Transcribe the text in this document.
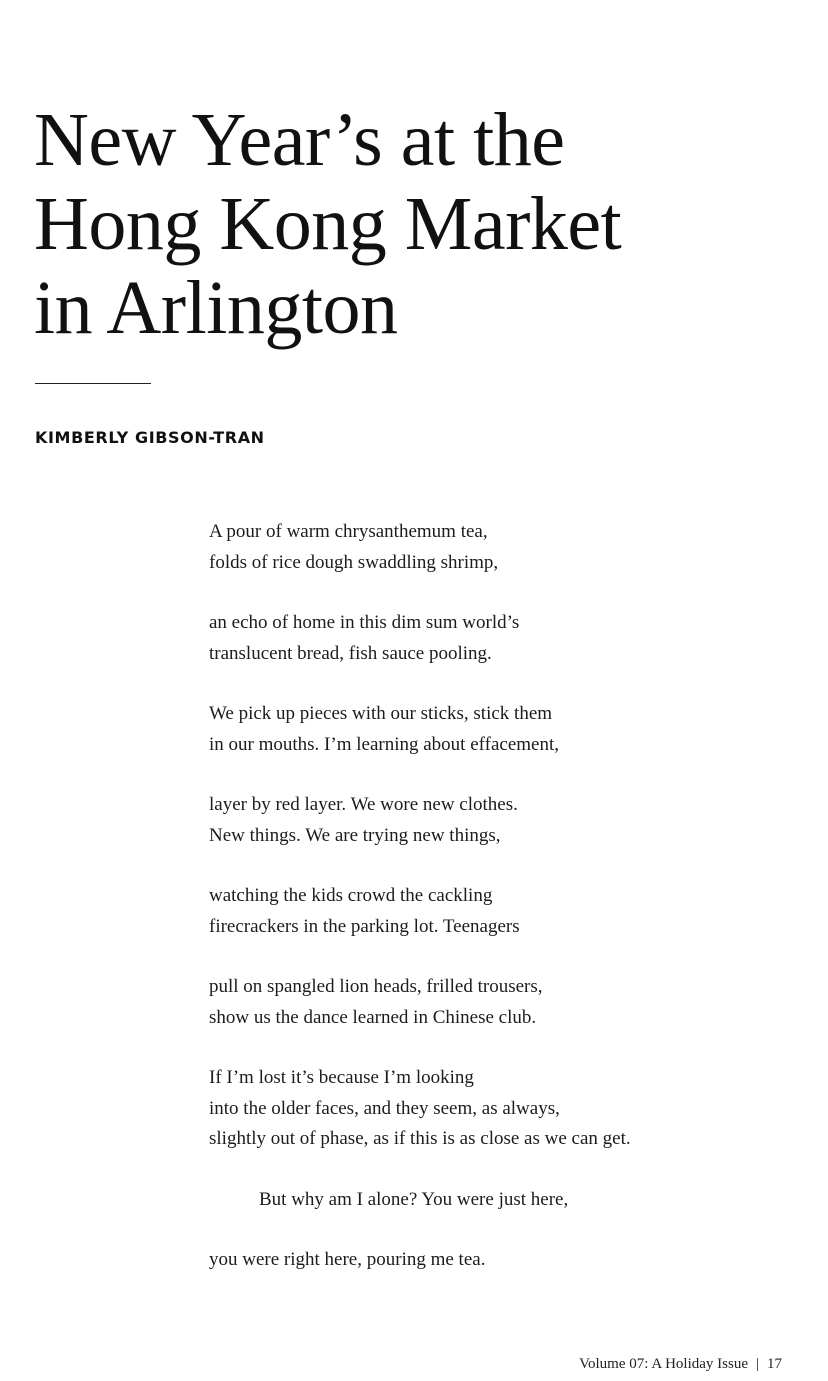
New Year’s at the
Hong Kong Market
in Arlington

KIMBERLY GIBSON-TRAN

A pour of warm chrysanthemum tea,
folds of rice dough swaddling shrimp,
an echo of home in this dim sum world’s
translucent bread, fish sauce pooling.
We pick up pieces with our sticks, stick them
in our mouths. I’m learning about effacement,
layer by red layer. We wore new clothes.
New things. We are trying new things,
watching the kids crowd the cackling
firecrackers in the parking lot. Teenagers
pull on spangled lion heads, frilled trousers,
show us the dance learned in Chinese club.
If I’m lost it’s because I’m looking
into the older faces, and they seem, as always,
slightly out of phase, as if this is as close as we can get.
But why am I alone? You were just here,
you were right here, pouring me tea.
Volume 07: A Holiday Issue | 17
